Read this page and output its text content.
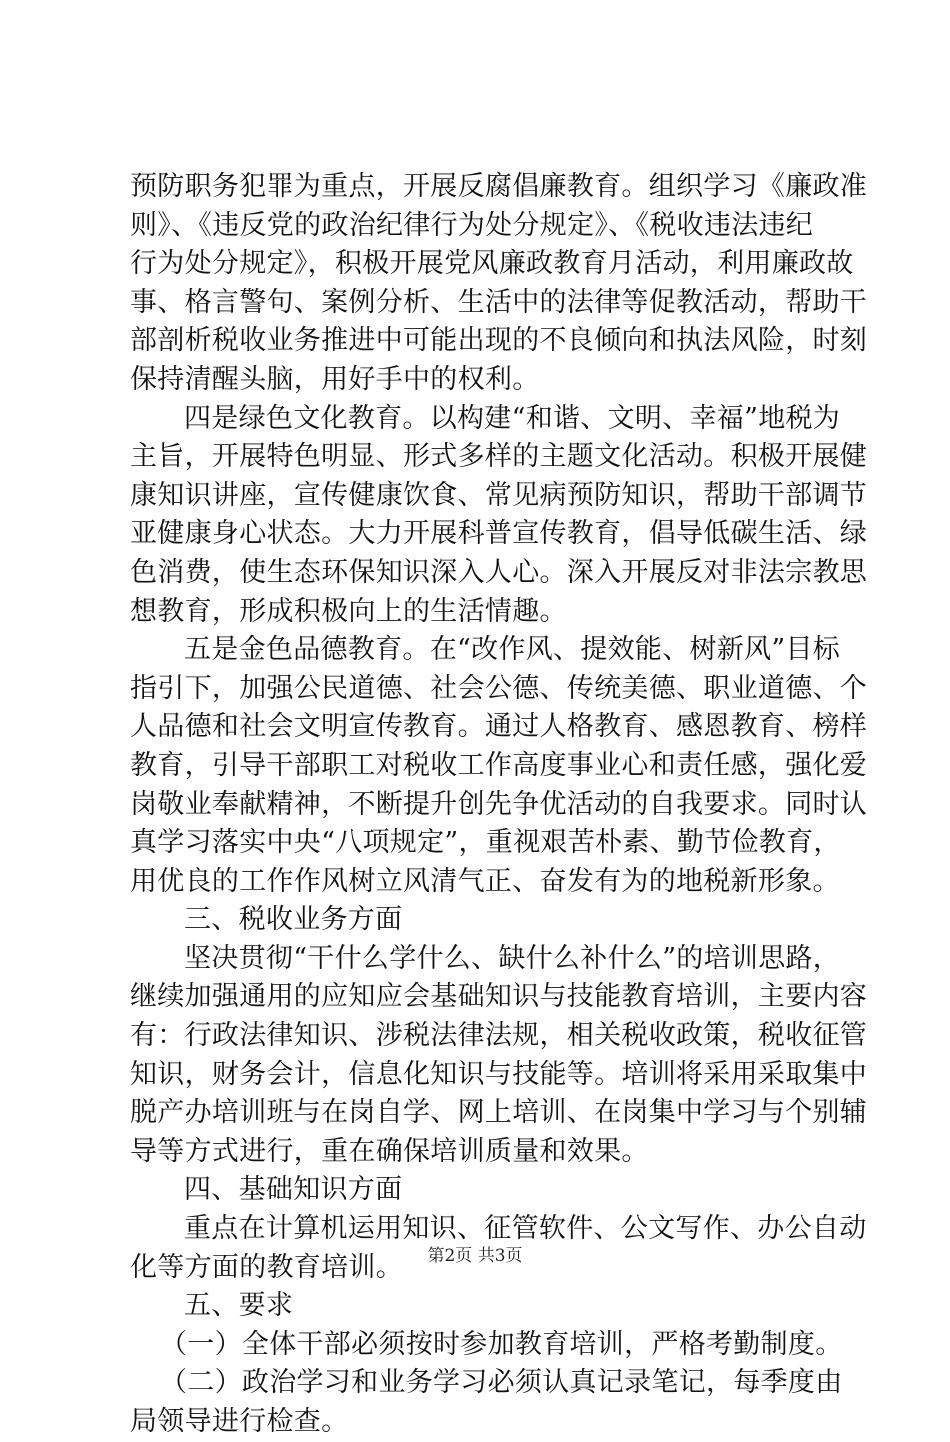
预防职务犯罪为重点，开展反腐倡廉教育。组织学习《廉政准
则》、《违反党的政治纪律行为处分规定》、《税收违法违纪
行为处分规定》，积极开展党风廉政教育月活动，利用廉政故
事、格言警句、案例分析、生活中的法律等促教活动，帮助干
部剖析税收业务推进中可能出现的不良倾向和执法风险，时刻
保持清醒头脑，用好手中的权利。
四是绿色文化教育。以构建“和谐、文明、幸福”地税为
主旨，开展特色明显、形式多样的主题文化活动。积极开展健
康知识讲座，宣传健康饮食、常见病预防知识，帮助干部调节
亚健康身心状态。大力开展科普宣传教育，倡导低碳生活、绿
色消费，使生态环保知识深入人心。深入开展反对非法宗教思
想教育，形成积极向上的生活情趣。
五是金色品德教育。在“改作风、提效能、树新风”目标
指引下，加强公民道德、社会公德、传统美德、职业道德、个
人品德和社会文明宣传教育。通过人格教育、感恩教育、榜样
教育，引导干部职工对税收工作高度事业心和责任感，强化爱
岗敬业奉献精神，不断提升创先争优活动的自我要求。同时认
真学习落实中央“八项规定”，重视艰苦朴素、勤节俭教育，
用优良的工作作风树立风清气正、奋发有为的地税新形象。
三、税收业务方面
坚决贯彻“干什么学什么、缺什么补什么”的培训思路，
继续加强通用的应知应会基础知识与技能教育培训，主要内容
有：行政法律知识、涉税法律法规，相关税收政策，税收征管
知识，财务会计，信息化知识与技能等。培训将采用采取集中
脱产办培训班与在岗自学、网上培训、在岗集中学习与个别辅
导等方式进行，重在确保培训质量和效果。
四、基础知识方面
重点在计算机运用知识、征管软件、公文写作、办公自动
化等方面的教育培训。
五、要求
（一）全体干部必须按时参加教育培训，严格考勤制度。
（二）政治学习和业务学习必须认真记录笔记，每季度由
局领导进行检查。
第2页 共3页
